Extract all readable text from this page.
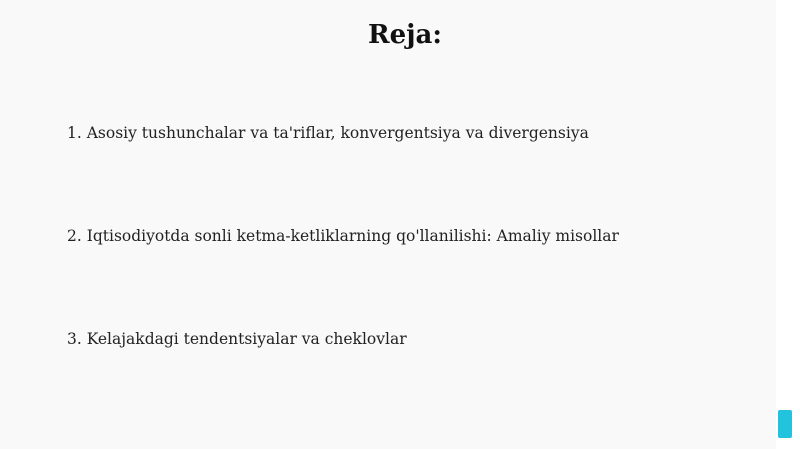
Reja:
1. Asosiy tushunchalar va ta'riflar, konvergentsiya va divergensiya
2. Iqtisodiyotda sonli ketma-ketliklarning qo'llanilishi: Amaliy misollar
3. Kelajakdagi tendentsiyalar va cheklovlar
